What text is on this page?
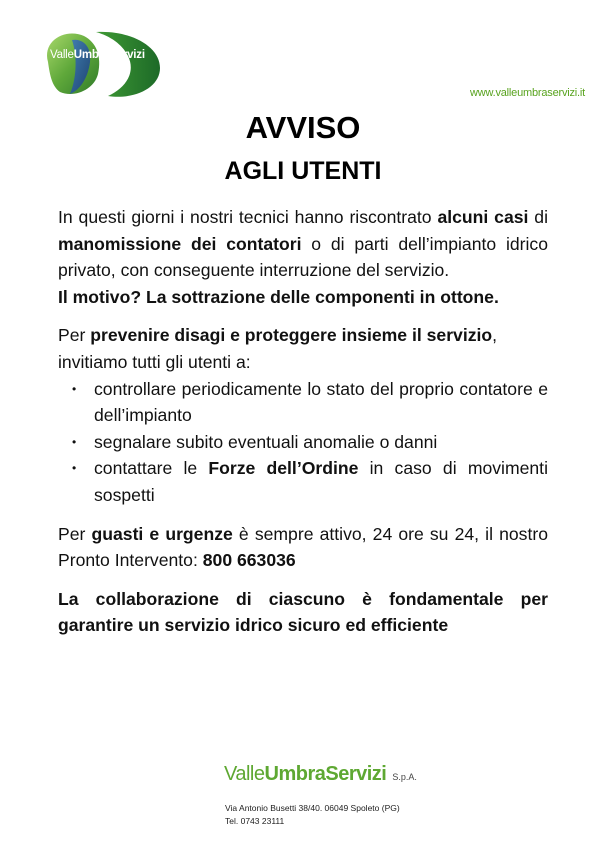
ValleUmbraServizi
www.valleumbraservizi.it
AVVISO
AGLI UTENTI

In questi giorni i nostri tecnici hanno riscontrato alcuni casi di manomissione dei contatori o di parti dell’impianto idrico privato, con conseguente interruzione del servizio.

Il motivo? La sottrazione delle componenti in ottone.

Per prevenire disagi e proteggere insieme il servizio, invitiamo tutti gli utenti a:

• controllare periodicamente lo stato del proprio contatore e dell’impianto
• segnalare subito eventuali anomalie o danni
• contattare le Forze dell’Ordine in caso di movimenti sospetti

Per guasti e urgenze è sempre attivo, 24 ore su 24, il nostro Pronto Intervento: 800 663036

La collaborazione di ciascuno è fondamentale per garantire un servizio idrico sicuro ed efficiente

ValleUmbraServizi S.p.A.
Via Antonio Busetti 38/40. 06049 Spoleto (PG)
Tel. 0743 23111
